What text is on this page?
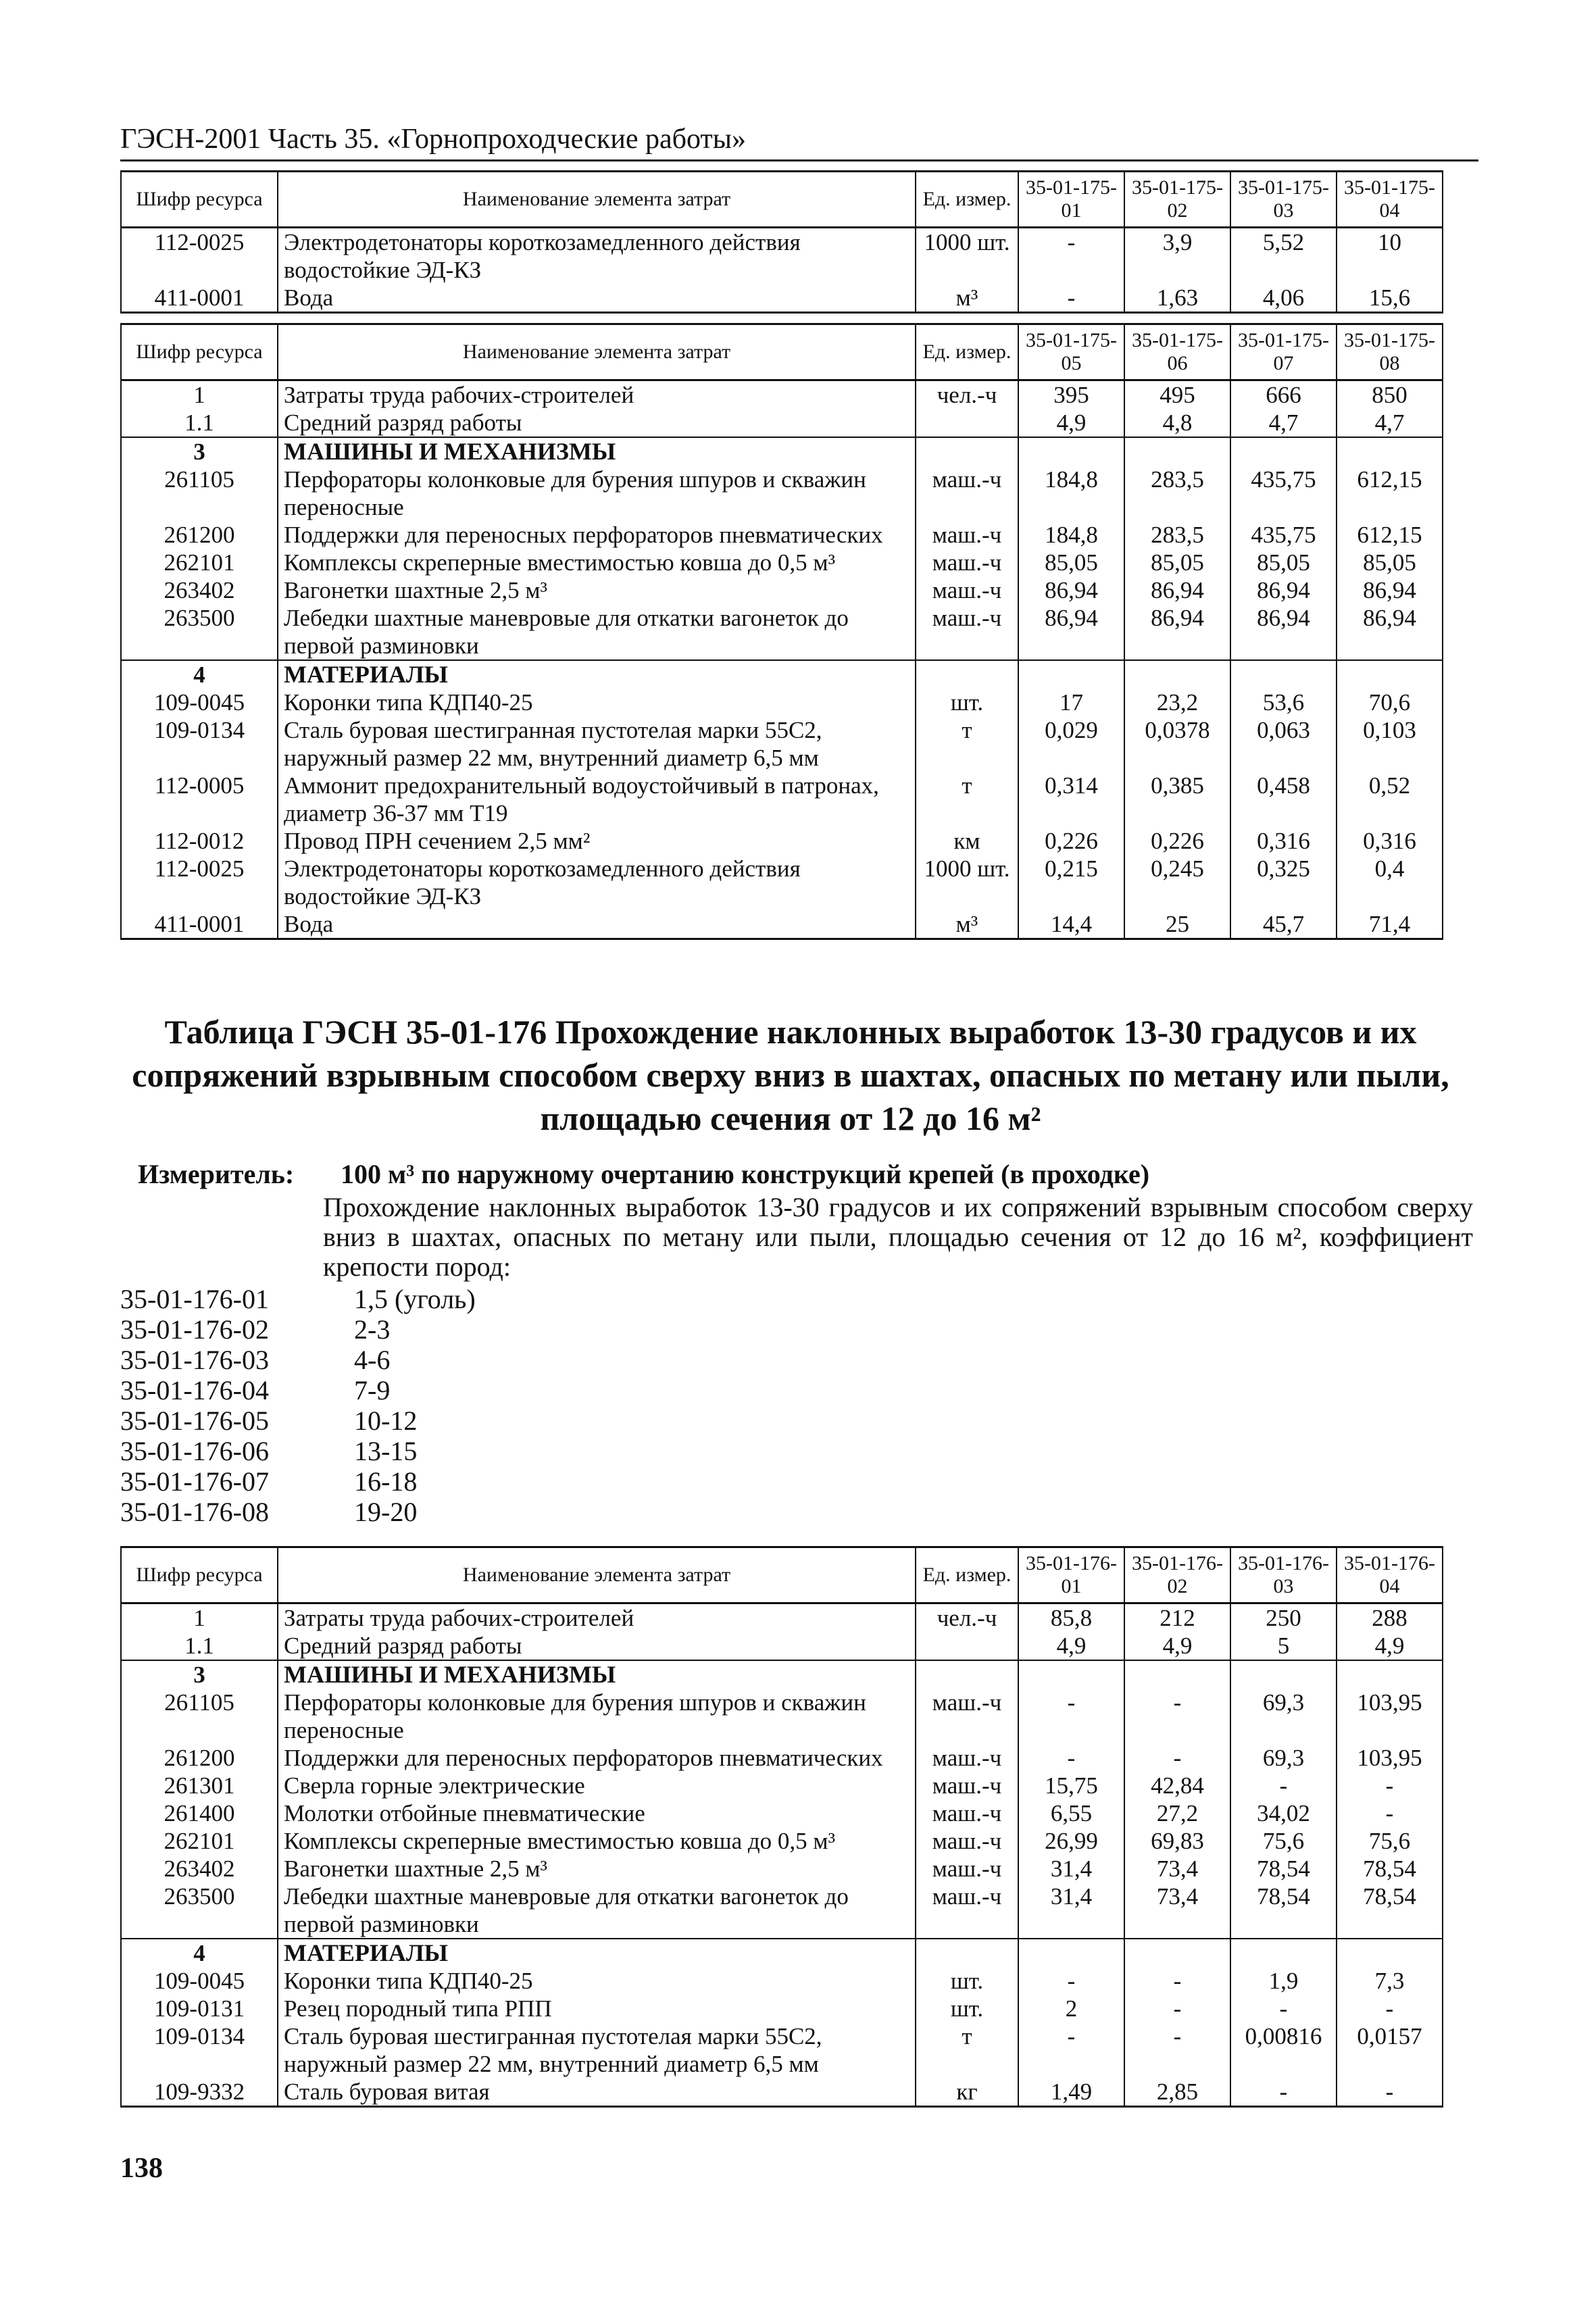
ГЭСН-2001 Часть 35. «Горнопроходческие работы»
Шифр ресурса	Наименование элемента затрат	Ед. измер.	35-01-175-01	35-01-175-02	35-01-175-03	35-01-175-04
112-0025	Электродетонаторы короткозамедленного действия водостойкие ЭД-КЗ	1000 шт.	-	3,9	5,52	10
411-0001	Вода	м³	-	1,63	4,06	15,6
Шифр ресурса	Наименование элемента затрат	Ед. измер.	35-01-175-05	35-01-175-06	35-01-175-07	35-01-175-08
1	Затраты труда рабочих-строителей	чел.-ч	395	495	666	850
1.1	Средний разряд работы		4,9	4,8	4,7	4,7
3	МАШИНЫ И МЕХАНИЗМЫ					
261105	Перфораторы колонковые для бурения шпуров и скважин переносные	маш.-ч	184,8	283,5	435,75	612,15
261200	Поддержки для переносных перфораторов пневматических	маш.-ч	184,8	283,5	435,75	612,15
262101	Комплексы скреперные вместимостью ковша до 0,5 м³	маш.-ч	85,05	85,05	85,05	85,05
263402	Вагонетки шахтные 2,5 м³	маш.-ч	86,94	86,94	86,94	86,94
263500	Лебедки шахтные маневровые для откатки вагонеток до первой разминовки	маш.-ч	86,94	86,94	86,94	86,94
4	МАТЕРИАЛЫ					
109-0045	Коронки типа КДП40-25	шт.	17	23,2	53,6	70,6
109-0134	Сталь буровая шестигранная пустотелая марки 55С2, наружный размер 22 мм, внутренний диаметр 6,5 мм	т	0,029	0,0378	0,063	0,103
112-0005	Аммонит предохранительный водоустойчивый в патронах, диаметр 36-37 мм Т19	т	0,314	0,385	0,458	0,52
112-0012	Провод ПРН сечением 2,5 мм²	км	0,226	0,226	0,316	0,316
112-0025	Электродетонаторы короткозамедленного действия водостойкие ЭД-КЗ	1000 шт.	0,215	0,245	0,325	0,4
411-0001	Вода	м³	14,4	25	45,7	71,4
Таблица ГЭСН 35-01-176 Прохождение наклонных выработок 13-30 градусов и их сопряжений взрывным способом сверху вниз в шахтах, опасных по метану или пыли, площадью сечения от 12 до 16 м²
Измеритель: 100 м³ по наружному очертанию конструкций крепей (в проходке)
Прохождение наклонных выработок 13-30 градусов и их сопряжений взрывным способом сверху вниз в шахтах, опасных по метану или пыли, площадью сечения от 12 до 16 м², коэффициент крепости пород:
35-01-176-01	1,5 (уголь)
35-01-176-02	2-3
35-01-176-03	4-6
35-01-176-04	7-9
35-01-176-05	10-12
35-01-176-06	13-15
35-01-176-07	16-18
35-01-176-08	19-20
Шифр ресурса	Наименование элемента затрат	Ед. измер.	35-01-176-01	35-01-176-02	35-01-176-03	35-01-176-04
1	Затраты труда рабочих-строителей	чел.-ч	85,8	212	250	288
1.1	Средний разряд работы		4,9	4,9	5	4,9
3	МАШИНЫ И МЕХАНИЗМЫ					
261105	Перфораторы колонковые для бурения шпуров и скважин переносные	маш.-ч	-	-	69,3	103,95
261200	Поддержки для переносных перфораторов пневматических	маш.-ч	-	-	69,3	103,95
261301	Сверла горные электрические	маш.-ч	15,75	42,84	-	-
261400	Молотки отбойные пневматические	маш.-ч	6,55	27,2	34,02	-
262101	Комплексы скреперные вместимостью ковша до 0,5 м³	маш.-ч	26,99	69,83	75,6	75,6
263402	Вагонетки шахтные 2,5 м³	маш.-ч	31,4	73,4	78,54	78,54
263500	Лебедки шахтные маневровые для откатки вагонеток до первой разминовки	маш.-ч	31,4	73,4	78,54	78,54
4	МАТЕРИАЛЫ					
109-0045	Коронки типа КДП40-25	шт.	-	-	1,9	7,3
109-0131	Резец породный типа РПП	шт.	2	-	-	-
109-0134	Сталь буровая шестигранная пустотелая марки 55С2, наружный размер 22 мм, внутренний диаметр 6,5 мм	т	-	-	0,00816	0,0157
109-9332	Сталь буровая витая	кг	1,49	2,85	-	-
138
